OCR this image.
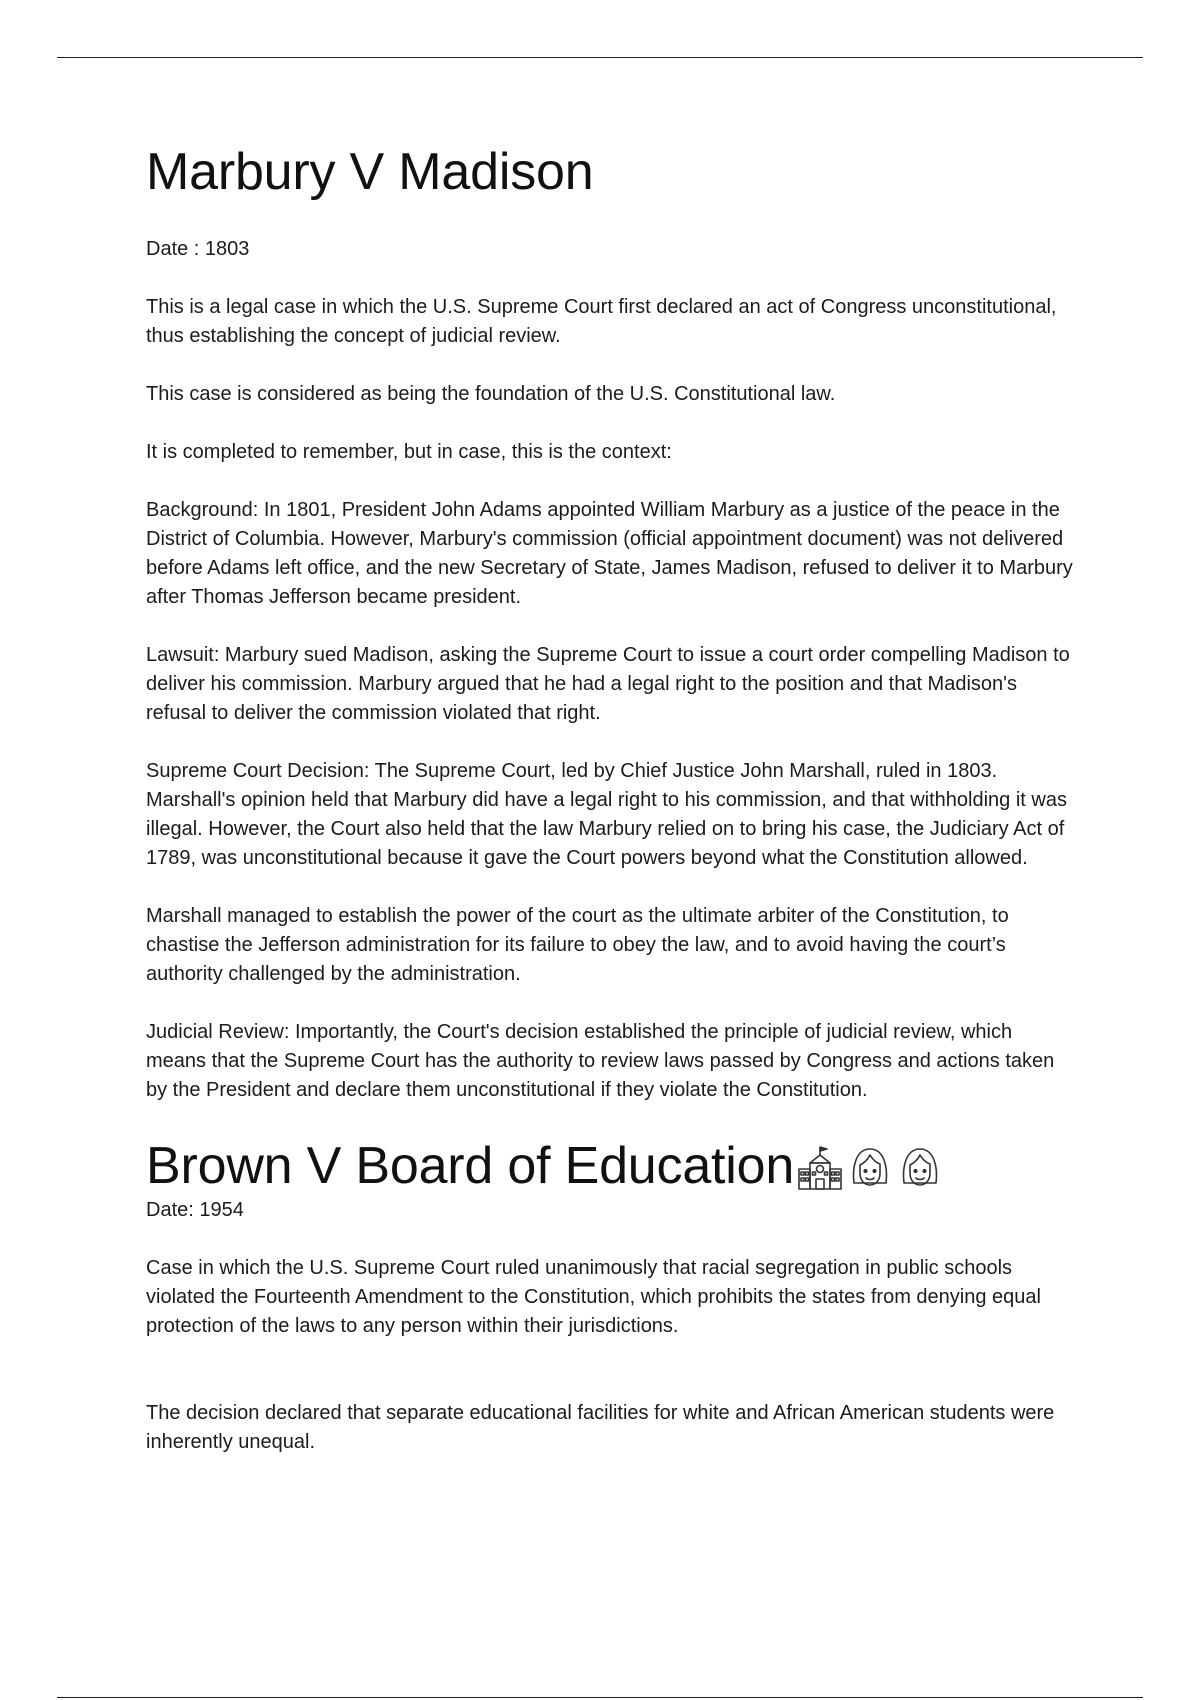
Marbury V Madison

Date : 1803

This is a legal case in which the U.S. Supreme Court first declared an act of Congress unconstitutional, thus establishing the concept of judicial review.

This case is considered as being the foundation of the U.S. Constitutional law.

It is completed to remember, but in case, this is the context:

Background: In 1801, President John Adams appointed William Marbury as a justice of the peace in the District of Columbia. However, Marbury's commission (official appointment document) was not delivered before Adams left office, and the new Secretary of State, James Madison, refused to deliver it to Marbury after Thomas Jefferson became president.

Lawsuit: Marbury sued Madison, asking the Supreme Court to issue a court order compelling Madison to deliver his commission. Marbury argued that he had a legal right to the position and that Madison's refusal to deliver the commission violated that right.

Supreme Court Decision: The Supreme Court, led by Chief Justice John Marshall, ruled in 1803. Marshall's opinion held that Marbury did have a legal right to his commission, and that withholding it was illegal. However, the Court also held that the law Marbury relied on to bring his case, the Judiciary Act of 1789, was unconstitutional because it gave the Court powers beyond what the Constitution allowed.

Marshall managed to establish the power of the court as the ultimate arbiter of the Constitution, to chastise the Jefferson administration for its failure to obey the law, and to avoid having the court’s authority challenged by the administration.

Judicial Review: Importantly, the Court's decision established the principle of judicial review, which means that the Supreme Court has the authority to review laws passed by Congress and actions taken by the President and declare them unconstitutional if they violate the Constitution.

Brown V Board of Education

Date: 1954

Case in which the U.S. Supreme Court ruled unanimously that racial segregation in public schools violated the Fourteenth Amendment to the Constitution, which prohibits the states from denying equal protection of the laws to any person within their jurisdictions.

The decision declared that separate educational facilities for white and African American students were inherently unequal.
